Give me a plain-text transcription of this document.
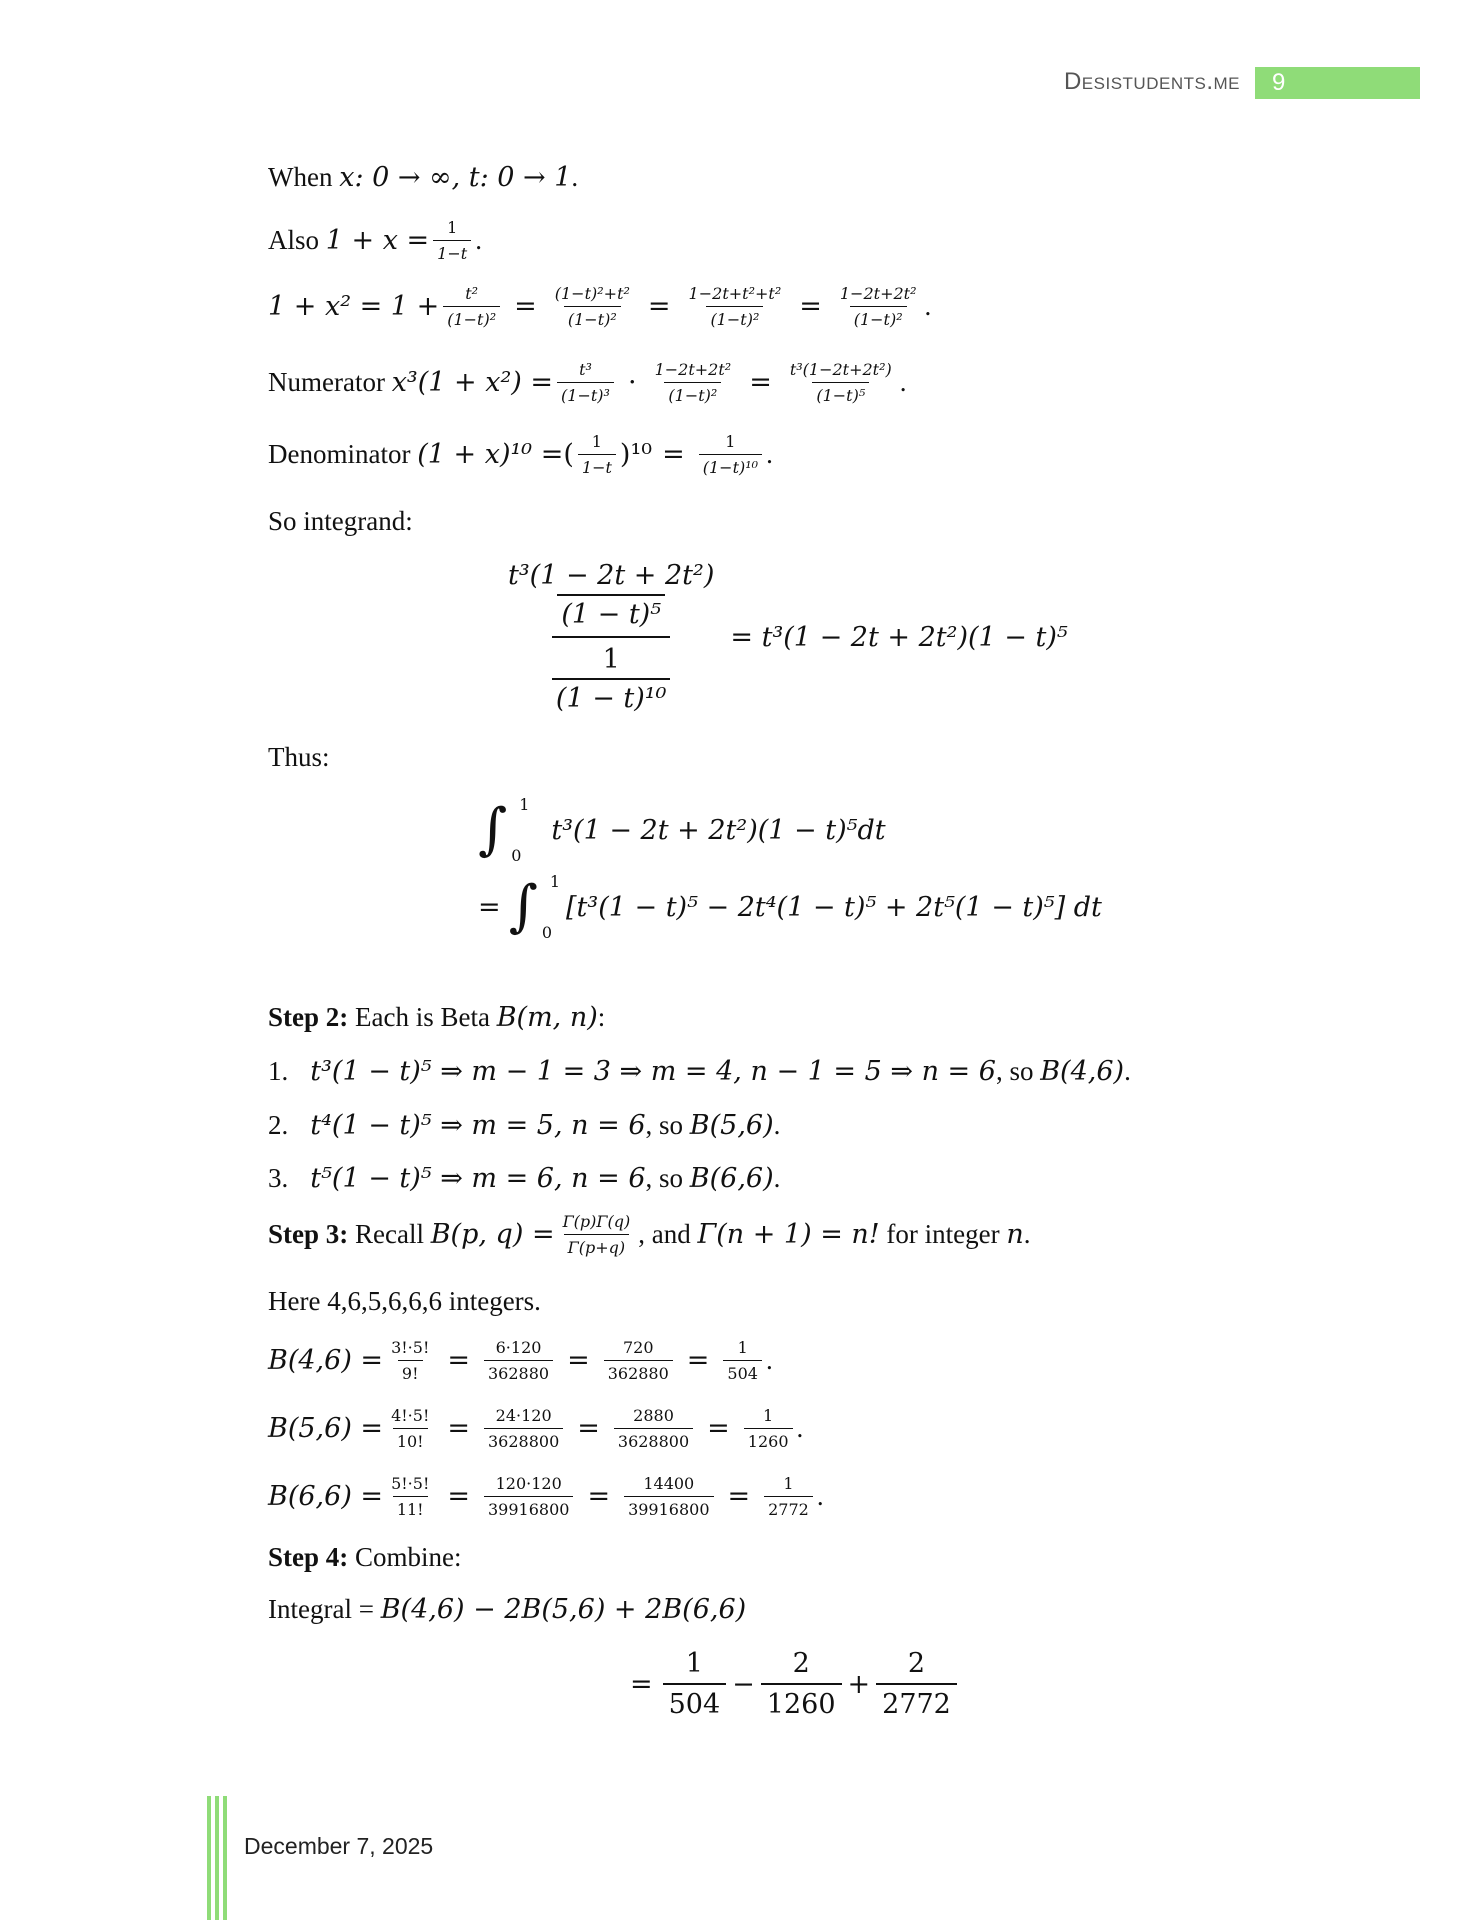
Desistudents.me	9
When
x: 0 → ∞, t: 0 → 1 .
Also
$1 + x = \frac{1}{1-t}$ .
$1 + x^2 = 1 + \frac{\text{t²}}{\text{(1−t)²}} = \frac{\text{(1−t)²+t²}}{\text{(1−t)²}} = \frac{\text{1−2t+t²+t²}}{\text{(1−t)²}} = \frac{\text{1−2t+2t²}}{\text{(1−t)²}}$ .
Numerator
$x^3(1 + x^2) = \frac{\text{t³}}{\text{(1−t)³}} \cdot \frac{\text{1−2t+2t²}}{\text{(1−t)²}} = \frac{\text{t³(1−2t+2t²)}}{\text{(1−t)⁵}}$ .
Denominator
(1 + x)¹⁰ = ( $\frac{1}{1-t}$ ) $^{10} = \frac{1}{\text{(1−t)¹⁰}}$ .
So integrand:
$\frac{\frac{\text{t³(1 − 2t + 2t²)}}{\text{(1 − t)⁵}}}{\frac{1}{\text{(1 − t)¹⁰}}} = t^3(1 - 2t + 2t^2)(1 - t)^5$
Thus:
∫ 1
0
t³(1 − 2t + 2t²)(1 − t)⁵dt
= ∫ 1
0
[t³(1 − t)⁵ − 2t⁴(1 − t)⁵ + 2t⁵(1 − t)⁵] dt
Step 2:
Each is Beta
B(m, n) :
1. t³(1 − t)⁵ ⇒ m − 1 = 3 ⇒ m = 4, n − 1 = 5 ⇒ n = 6 , so
B(4,6) .
2. t⁴(1 − t)⁵ ⇒ m = 5, n = 6 , so
B(5,6) .
3. t⁵(1 − t)⁵ ⇒ m = 6, n = 6 , so
B(6,6) .
Step 3:
Recall
B(p, $q) = \frac{\Gamma(p)\Gamma(q)}{\Gamma(p+q)}$ , and
Γ(n + 1) = n!
for integer
n .
Here 4,6,5,6,6,6 integers.
$B(4,6) = \frac{3!\cdot 5!}{9!} = \frac{6\cdot 120}{362880} = \frac{720}{362880} = \frac{1}{504}$ .
$B(5,6) = \frac{4!\cdot 5!}{10!} = \frac{24\cdot 120}{3628800} = \frac{2880}{3628800} = \frac{1}{1260}$ .
$B(6,6) = \frac{5!\cdot 5!}{11!} = \frac{120\cdot 120}{39916800} = \frac{14400}{39916800} = \frac{1}{2772}$ .
Step 4:
Combine:
Integral =
B(4,6) − 2B(5,6) + 2B(6,6)
= $\frac{1}{504} - \frac{2}{1260} + \frac{2}{2772}$
December 7, 2025
